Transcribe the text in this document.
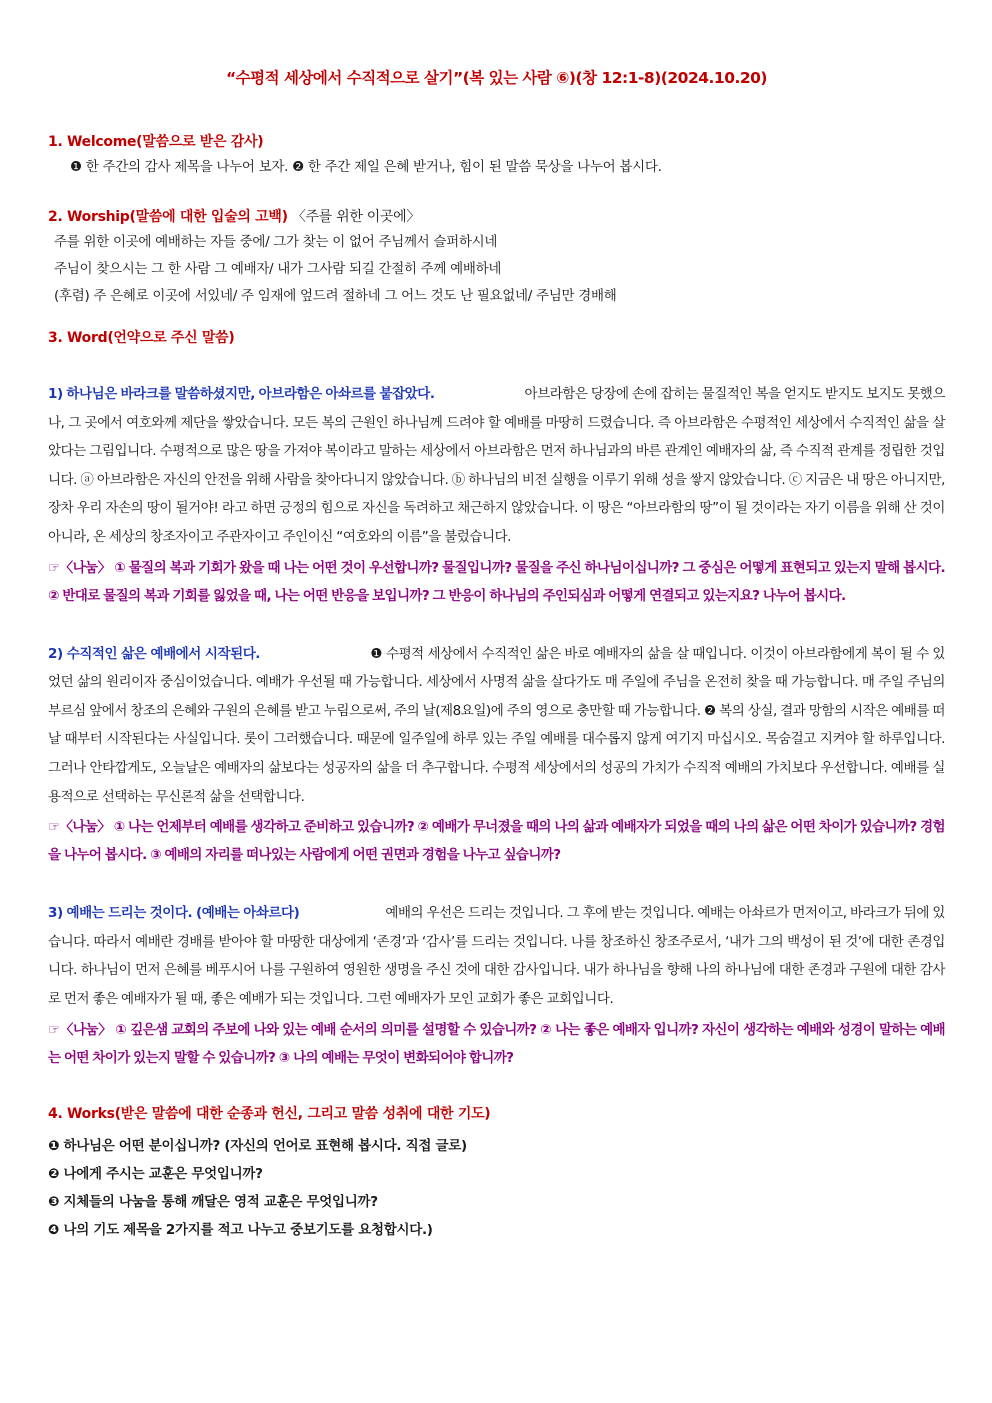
“수평적 세상에서 수직적으로 살기”(복 있는 사람 ⑥)(창 12:1-8)(2024.10.20)

1. Welcome(말씀으로 받은 감사)

❶ 한 주간의 감사 제목을 나누어 보자. ❷ 한 주간 제일 은혜 받거나, 힘이 된 말씀 묵상을 나누어 봅시다.

2. Worship(말씀에 대한 입술의 고백) 〈주를 위한 이곳에〉

주를 위한 이곳에 예배하는 자들 중에/ 그가 찾는 이 없어 주님께서 슬퍼하시네

주님이 찾으시는 그 한 사람 그 예배자/ 내가 그사람 되길 간절히 주께 예배하네

(후렴) 주 은혜로 이곳에 서있네/ 주 임재에 엎드려 절하네 그 어느 것도 난 필요없네/ 주님만 경배해

3. Word(언약으로 주신 말씀)

1) 하나님은 바라크를 말씀하셨지만, 아브라함은 아솨르를 붙잡았다.	아브라함은 당장에 손에 잡히는 물질적인 복을 얻지도 받지도 보지도 못했으나, 그 곳에서 여호와께 제단을 쌓았습니다. 모든 복의 근원인 하나님께 드려야 할 예배를 마땅히 드렸습니다. 즉 아브라함은 수평적인 세상에서 수직적인 삶을 살았다는 그림입니다. 수평적으로 많은 땅을 가져야 복이라고 말하는 세상에서 아브라함은 먼저 하나님과의 바른 관계인 예배자의 삶, 즉 수직적 관계를 정립한 것입니다. ⓐ 아브라함은 자신의 안전을 위해 사람을 찾아다니지 않았습니다. ⓑ 하나님의 비전 실행을 이루기 위해 성을 쌓지 않았습니다. ⓒ 지금은 내 땅은 아니지만, 장차 우리 자손의 땅이 될거야! 라고 하면 긍정의 힘으로 자신을 독려하고 채근하지 않았습니다. 이 땅은 “아브라함의 땅”이 될 것이라는 자기 이름을 위해 산 것이 아니라, 온 세상의 창조자이고 주관자이고 주인이신 “여호와의 이름”을 불렀습니다.

☞〈나눔〉 ① 물질의 복과 기회가 왔을 때 나는 어떤 것이 우선합니까? 물질입니까? 물질을 주신 하나님이십니까? 그 중심은 어떻게 표현되고 있는지 말해 봅시다. ② 반대로 물질의 복과 기회를 잃었을 때, 나는 어떤 반응을 보입니까? 그 반응이 하나님의 주인되심과 어떻게 연결되고 있는지요? 나누어 봅시다.

2) 수직적인 삶은 예배에서 시작된다.	❶ 수평적 세상에서 수직적인 삶은 바로 예배자의 삶을 살 때입니다. 이것이 아브라함에게 복이 될 수 있었던 삶의 원리이자 중심이었습니다. 예배가 우선될 때 가능합니다. 세상에서 사명적 삶을 살다가도 매 주일에 주님을 온전히 찾을 때 가능합니다. 매 주일 주님의 부르심 앞에서 창조의 은혜와 구원의 은혜를 받고 누림으로써, 주의 날(제8요일)에 주의 영으로 충만할 때 가능합니다. ❷ 복의 상실, 결과 망함의 시작은 예배를 떠날 때부터 시작된다는 사실입니다. 롯이 그러했습니다. 때문에 일주일에 하루 있는 주일 예배를 대수롭지 않게 여기지 마십시오. 목숨걸고 지켜야 할 하루입니다. 그러나 안타깝게도, 오늘날은 예배자의 삶보다는 성공자의 삶을 더 추구합니다. 수평적 세상에서의 성공의 가치가 수직적 예배의 가치보다 우선합니다. 예배를 실용적으로 선택하는 무신론적 삶을 선택합니다.

☞〈나눔〉 ① 나는 언제부터 예배를 생각하고 준비하고 있습니까? ② 예배가 무너졌을 때의 나의 삶과 예배자가 되었을 때의 나의 삶은 어떤 차이가 있습니까? 경험을 나누어 봅시다. ③ 예배의 자리를 떠나있는 사람에게 어떤 권면과 경험을 나누고 싶습니까?

3) 예배는 드리는 것이다. (예배는 아솨르다)	예배의 우선은 드리는 것입니다. 그 후에 받는 것입니다. 예배는 아솨르가 먼저이고, 바라크가 뒤에 있습니다. 따라서 예배란 경배를 받아야 할 마땅한 대상에게 ‘존경’과 ‘감사’를 드리는 것입니다. 나를 창조하신 창조주로서, ‘내가 그의 백성이 된 것’에 대한 존경입니다. 하나님이 먼저 은혜를 베푸시어 나를 구원하여 영원한 생명을 주신 것에 대한 감사입니다. 내가 하나님을 향해 나의 하나님에 대한 존경과 구원에 대한 감사로 먼저 좋은 예배자가 될 때, 좋은 예배가 되는 것입니다. 그런 예배자가 모인 교회가 좋은 교회입니다.

☞〈나눔〉 ① 깊은샘 교회의 주보에 나와 있는 예배 순서의 의미를 설명할 수 있습니까? ② 나는 좋은 예배자 입니까? 자신이 생각하는 예배와 성경이 말하는 예배는 어떤 차이가 있는지 말할 수 있습니까? ③ 나의 예배는 무엇이 변화되어야 합니까?

4. Works(받은 말씀에 대한 순종과 헌신, 그리고 말씀 성취에 대한 기도)

❶ 하나님은 어떤 분이십니까? (자신의 언어로 표현해 봅시다. 직접 글로)

❷ 나에게 주시는 교훈은 무엇입니까?

❸ 지체들의 나눔을 통해 깨달은 영적 교훈은 무엇입니까?

❹ 나의 기도 제목을 2가지를 적고 나누고 중보기도를 요청합시다.)
